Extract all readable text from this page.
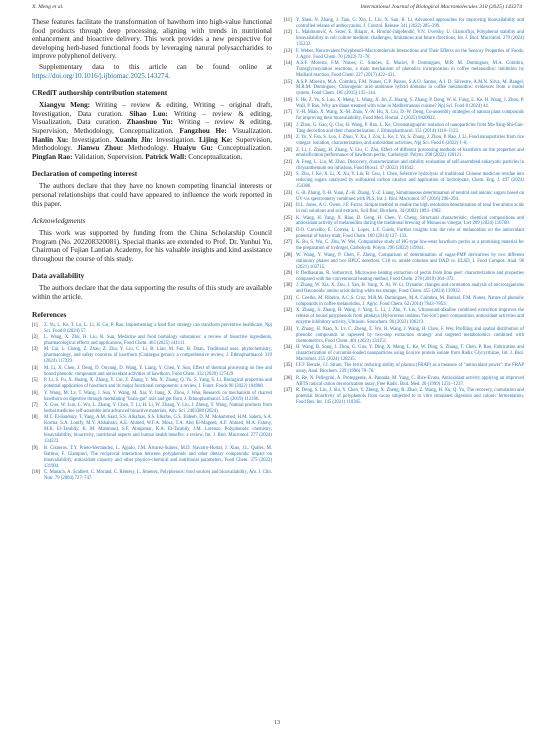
X. Meng et al.	International Journal of Biological Macromolecules 310 (2025) 143274

These features facilitate the transformation of hawthorn into high-value functional food products through deep processing, aligning with trends in nutritional enhancement and bioactive delivery. This work provides a new perspective for developing herb-based functional foods by leveraging natural polysaccharides to improve polyphenol delivery.

Supplementary data to this article can be found online at https://doi.org/10.1016/j.ijbiomac.2025.143274.

CRediT authorship contribution statement

Xiangyu Meng: Writing – review & editing, Writing – original draft, Investigation, Data curation. Sihao Luo: Writing – review & editing, Visualization, Data curation. Zhaoshuo Yu: Writing – review & editing, Supervision, Methodology, Conceptualization. Fangzhou He: Visualization. Hanlin Xu: Investigation. Xuanlu Jin: Investigation. Lijing Ke: Supervision, Methodology. Jianwu Zhou: Methodology. Huaiyu Gu: Conceptualization. Pingfan Rao: Validation, Supervision. Patrick Wall: Conceptualization.

Declaration of competing interest

The authors declare that they have no known competing financial interests or personal relationships that could have appeared to influence the work reported in this paper.

Acknowledgments

This work was supported by funding from the China Scholarship Council Program (No. 202208320081). Special thanks are extended to Prof. Dr. Yunhui Yu, Chairman of Fujian Lantian Academy, for his valuable insights and kind assistance throughout the course of this study.

Data availability

The authors declare that the data supporting the results of this study are available within the article.

References
[1] Z. Yu, L. Ke, T. Lu, L. Li, H. Gu, P. Rao, Implementing a food first strategy can transform preventive healthcare, Npj Sci. Food 8 (2024) 57.
[2] L. Wang, X. Zhu, H. Liu, B. Sun, Medicine and food homology substances: a review of bioactive ingredients, pharmacological effects and applications, Food Chem. 463 (2025) 141111.
[3] M. Cai, L. Cheng, Z. Zhao, Z. Zhu, Y. Liu, C. Li, B. Liao, M. Fan, B. Duan, Traditional uses, phytochemistry, pharmacology, and safety concerns of hawthorn (Crataegus genus): a comprehensive review, J. Ethnopharmacol. 319 (2024) 117229.
[4] M. Li, X. Chen, J. Deng, D. Ouyang, D. Wang, Y. Liang, Y. Chen, Y. Sun, Effect of thermal processing on free and bound phenolic compounds and antioxidant activities of hawthorn, Food Chem. 332 (2020) 127429.
[5] P. Li, S. Fu, X. Huang, X. Zhang, Y. Cui, Z. Zhang, Y. Ma, X. Zhang, Q. Yu, S. Yang, S. Li, Biological properties and potential application of hawthorn and its major functional components: a review, J. Funct. Foods 90 (2022) 104988.
[6] Y. Wang, M. Lv, T. Wang, J. Sun, Y. Wang, M. Xia, Y. Jiang, X. Zhou, J. Wan, Research on mechanism of charred hawthorn on digestive through modulating "brain-gut" axis and gut flora, J. Ethnopharmacol. 245 (2019) 112166.
[7] X. Guo, W. Luo, L. Wu, L. Zhang, Y. Chen, T. Li, H. Li, W. Zhang, Y. Liu, J. Zheng, Y. Wang, Natural products from herbal medicine self-assemble into advanced bioactive materials, Adv. Sci. 2403388 (2024).
[8] M.T. El-Saadony, T. Yang, A.M. Saad, S.S. Alkafaas, S.S. Elkafas, G.S. Eldeeb, D. M. Mohammed, H.M. Salem, S.A. Korma, S.A. Loutfy, M.Y. Alshahran, A.E. Ahmed, W.F.A. Mosa, T.A. Abd El-Mageed, A.F. Ahmed, M.A. Fahmy, M.K. El-Tarabily, K. M. Mahmoud, S.F. Abuqamar, K.A. El-Tarabily, J.M. Lorenzo, Polyphenols: chemistry, bioavailability, bioactivity, nutritional aspects and human health benefits: a review, Int. J. Biol. Macromol. 277 (2024) 134223.
[9] B. Cisneros, T.Y. Prieto-Hernández, L. Agudo, J.M. Álvarez-Suárez, M.D. Navarro-Hortal, J. Xiao, J.L. Quiles, M. Battino, F. Giampieri, The reciprocal interaction between polyphenols and other dietary compounds: impact on bioavailability, antioxidant capacity and other physico-chemical and nutritional parameters, Food Chem. 375 (2022) 131904.
[10] C. Manach, A. Scalbert, C. Morand, C. Rémésy, L. Jiménez, Polyphenols: food sources and bioavailability, Am. J. Clin. Nutr. 79 (2004) 727–747.
[11] Y. Shen, N. Zhang, J. Tian, G. Xin, L. Liu, X. Sun, B. Li, Advanced approaches for improving bioavailability and controlled release of anthocyanins, J. Control. Release 341 (2022) 285–299.
[12] L. Mahmutović, A. Sezer, E. Bilajac, A. Hromić-Jahjefendić, V.N. Uversky, U. Glamočlija, Polyphenol stability and bioavailability in cell culture medium: challenges, limitations and future directions, Int. J. Biol. Macromol. 279 (2024) 135232.
[13] F. Weber, Noncovalent Polyphenol–Macromolecule Interactions and Their Effects on the Sensory Properties of Foods, J. Agric. Food Chem. 70 (2022) 72–78.
[14] A.S.F. Moreira, F.M. Nunes, C. Simões, E. Maciel, P. Domingues, M.R. M. Domingues, M.A. Coimbra, Transglycosylation reactions, a main mechanism of phenolics incorporation in coffee melanoidins: inhibition by Maillard reaction, Food Chem. 227 (2017) 422–431.
[15] A.S.P. Moreira, M.A. Coimbra, F.M. Nunes, C.P. Passos, S.A.O. Santos, A.J. D. Silvestre, A.M.N. Silva, M. Rangel, M.R.M. Domingues, Chlorogenic acid–arabinose hybrid domains in coffee melanoidins: evidences from a model system, Food Chem. 185 (2015) 135–144.
[16] F. He, Z. Yu, S. Luo, X. Meng, L. Wang, X. Jin, Z. Huang, Y. Zhang, P. Deng, W. K. Fung, L. Ke, H. Wang, J. Zhou, P. Wall, P. Rao, Why are diane steamed with wine in Mediterranean cuisine? Npj Sci. Food 8 (2024) 44.
[17] Y.-H. Miao, X. Wang, X.-M. Zhao, Y.-W. Hu, X. Liu, D.-W. Deng, Co-assembly strategies of natural plant compounds for improving their bioavailability, Food Med. Homol. 2 (2025) 9420022.
[18] J. Zhou, G. Gao, Q. Chu, H. Wang, P. Rao, L. Ke, Chromatographic isolation of nanoparticles from Ma-Xing-Shi-Gan-Tang decoction and their characterization, J. Ethnopharmacol. 151 (2014) 1116–1123.
[19] Z. Yu, Y. Fan, S. Luo, J. Zhou, Y. Xu, J. Zou, L. Ke, J. Yu, S. Zhang, J. Zhou, P. Rao, J. Li, Food nanoparticles from rice vinegar: isolation, characterization, and antioxidant activities, Npj Sci. Food 6 (2022) 1–8.
[20] Z. Li, J. Zhang, H. Zhang, Y. Liu, C. Zhu, Effect of different processing methods of hawthorn on the properties and emulsification performance of hawthorn pectin, Carbohydr. Polym. 298 (2022) 120121.
[21] A. Feng, L. Liu, M. Zhao, Discovery, characterization and stability evaluation of self-assembled eukaryotic particles in chrysanthemum tea infusions, Food Biosci. 47 (2022) 101642.
[22] S. Zhu, J. Ke, X. Li, X. Xu, Y. Liu, B. Guo, J. Chen, Selective hydrolysis of traditional Chinese medicine residue into reducing sugars catalyzed by sulfonated carbon catalyst and application of hydrolysate, Chem. Eng. J. 497 (2024) 154386.
[23] G.-B. Zhang, Y.-H. Yuan, Z.-H. Zhang, Y.-Z. Liang, Simultaneous determination of neutral and anionic sugars based on UV-vis spectrometry combined with PLS, Int. J. Biol. Macromol. 87 (2016) 290–294.
[24] D.L. Jones, A.G. Owen, J.F. Farrar, Simple method to enable the high resolution determination of total free amino acids in soil solutions and soil extracts, Soil Biol. Biochem. 34 (2002) 1893–1902.
[25] K. Wang, H. Yang, X. Biao, D. Geng, H. Chen, Y. Cheng, Structural characteristic, chemical compositions and antioxidant activity of melanoidins during the traditional brewing of Monascus vinegar, Lwt 209 (2024) 116760.
[26] D.O. Carvalho, E. Correia, L. Lopes, L.F. Guido, Further insights into the role of melanoidins on the antioxidant potential of barley malt, Food Chem. 160 (2014) 127–133.
[27] K. Bu, S. Wu, C. Zhu, W. Wei, Comparative study of HG-type low-ester hawthorn pectin as a promising material for the preparation of hydrogel, Carbohydr. Polym. 296 (2022) 119941.
[28] W. Wang, Y. Wang, P. Chen, F. Zheng, Comparison of determination of sugar-PMP derivatives by two different stationary phases and two HPLC detectors: C18 vs. amide columns and DAD vs. ELSD, J. Food Compos. Anal. 96 (2021) 103715.
[29] P. Dedhasaran, R. Sothornvit, Microwave heating extraction of pectin from lime peel: characterization and properties compared with the conventional heating method, Food Chem. 278 (2019) 364–372.
[30] J. Zhang, W. Xia, X. Zou, J. Yan, H. Yang, X. Ai, W. Li, Dynamic changes and correlation analysis of microorganisms and flavonoids/ amino acids during white tea storage, Food Chem. 455 (2024) 139932.
[31] C. Coelho, M. Ribeiro, A.C.S. Cruz, M.R.M. Domingues, M.A. Coimbra, M. Bunzel, F.M. Nunes, Nature of phenolic compounds in coffee melanoidins, J. Agric. Food Chem. 62 (2014) 7843–7853.
[32] X. Zhang, S. Zhang, H. Wang, J. Yang, L. Li, J. Zhu, Y. Liu, Ultrasound-alkaline combined extraction improves the release of bound polyphenols from pitahaya (Hylocereus undatus 'foo-lon') peel: composition, antioxidant activities and enzyme inhibitory activity, Ultrason. Sonochem. 90 (2022) 106213.
[33] Y. Zhang, H. Xiao, X. Lv, C. Zheng, Z. Wu, H. Wang, J. Wang, H. Chen, F. Wei, Profiling and spatial distribution of phenolic compounds in rapeseed by two-step extraction strategy and targeted metabolomics combined with chemometrics, Food Chem. 401 (2023) 134151.
[34] H. Wang, B. Song, J. Zhou, G. Guo, Y. Ding, X. Meng, L. Ke, W. Ding, S. Zhang, T. Chen, P. Rao, Fabrication and characterization of curcumin-loaded nanoparticles using licorice protein isolate from Radix Glycyrrhizae, Int. J. Biol. Macromol. 255 (2024) 128235.
[35] I.F.F. Benzie, J.J. Strain, The ferric reducing ability of plasma (FRAP) as a measure of "antioxidant power": the FRAP assay, Anal. Biochem. 239 (1996) 70–76.
[36] R. Re, N. Pellegrini, A. Proteggente, A. Pannala, M. Yang, C. Rice-Evans, Antioxidant activity applying an improved ABTS radical cation decolorization assay, Free Radic. Biol. Med. 26 (1999) 1231–1237.
[37] R. Deng, S. Liu, J. Shi, Y. Chen, Y. Zheng, X. Zheng, R. Zhao, Z. Wang, H. Xu, Q. Yu, The recovery, cumulation and potential bioactivity of polyphenols from cacao subjected to in vitro simulated digestion and colonic fermentation, Food Res. Int. 145 (2021) 110365.
13
